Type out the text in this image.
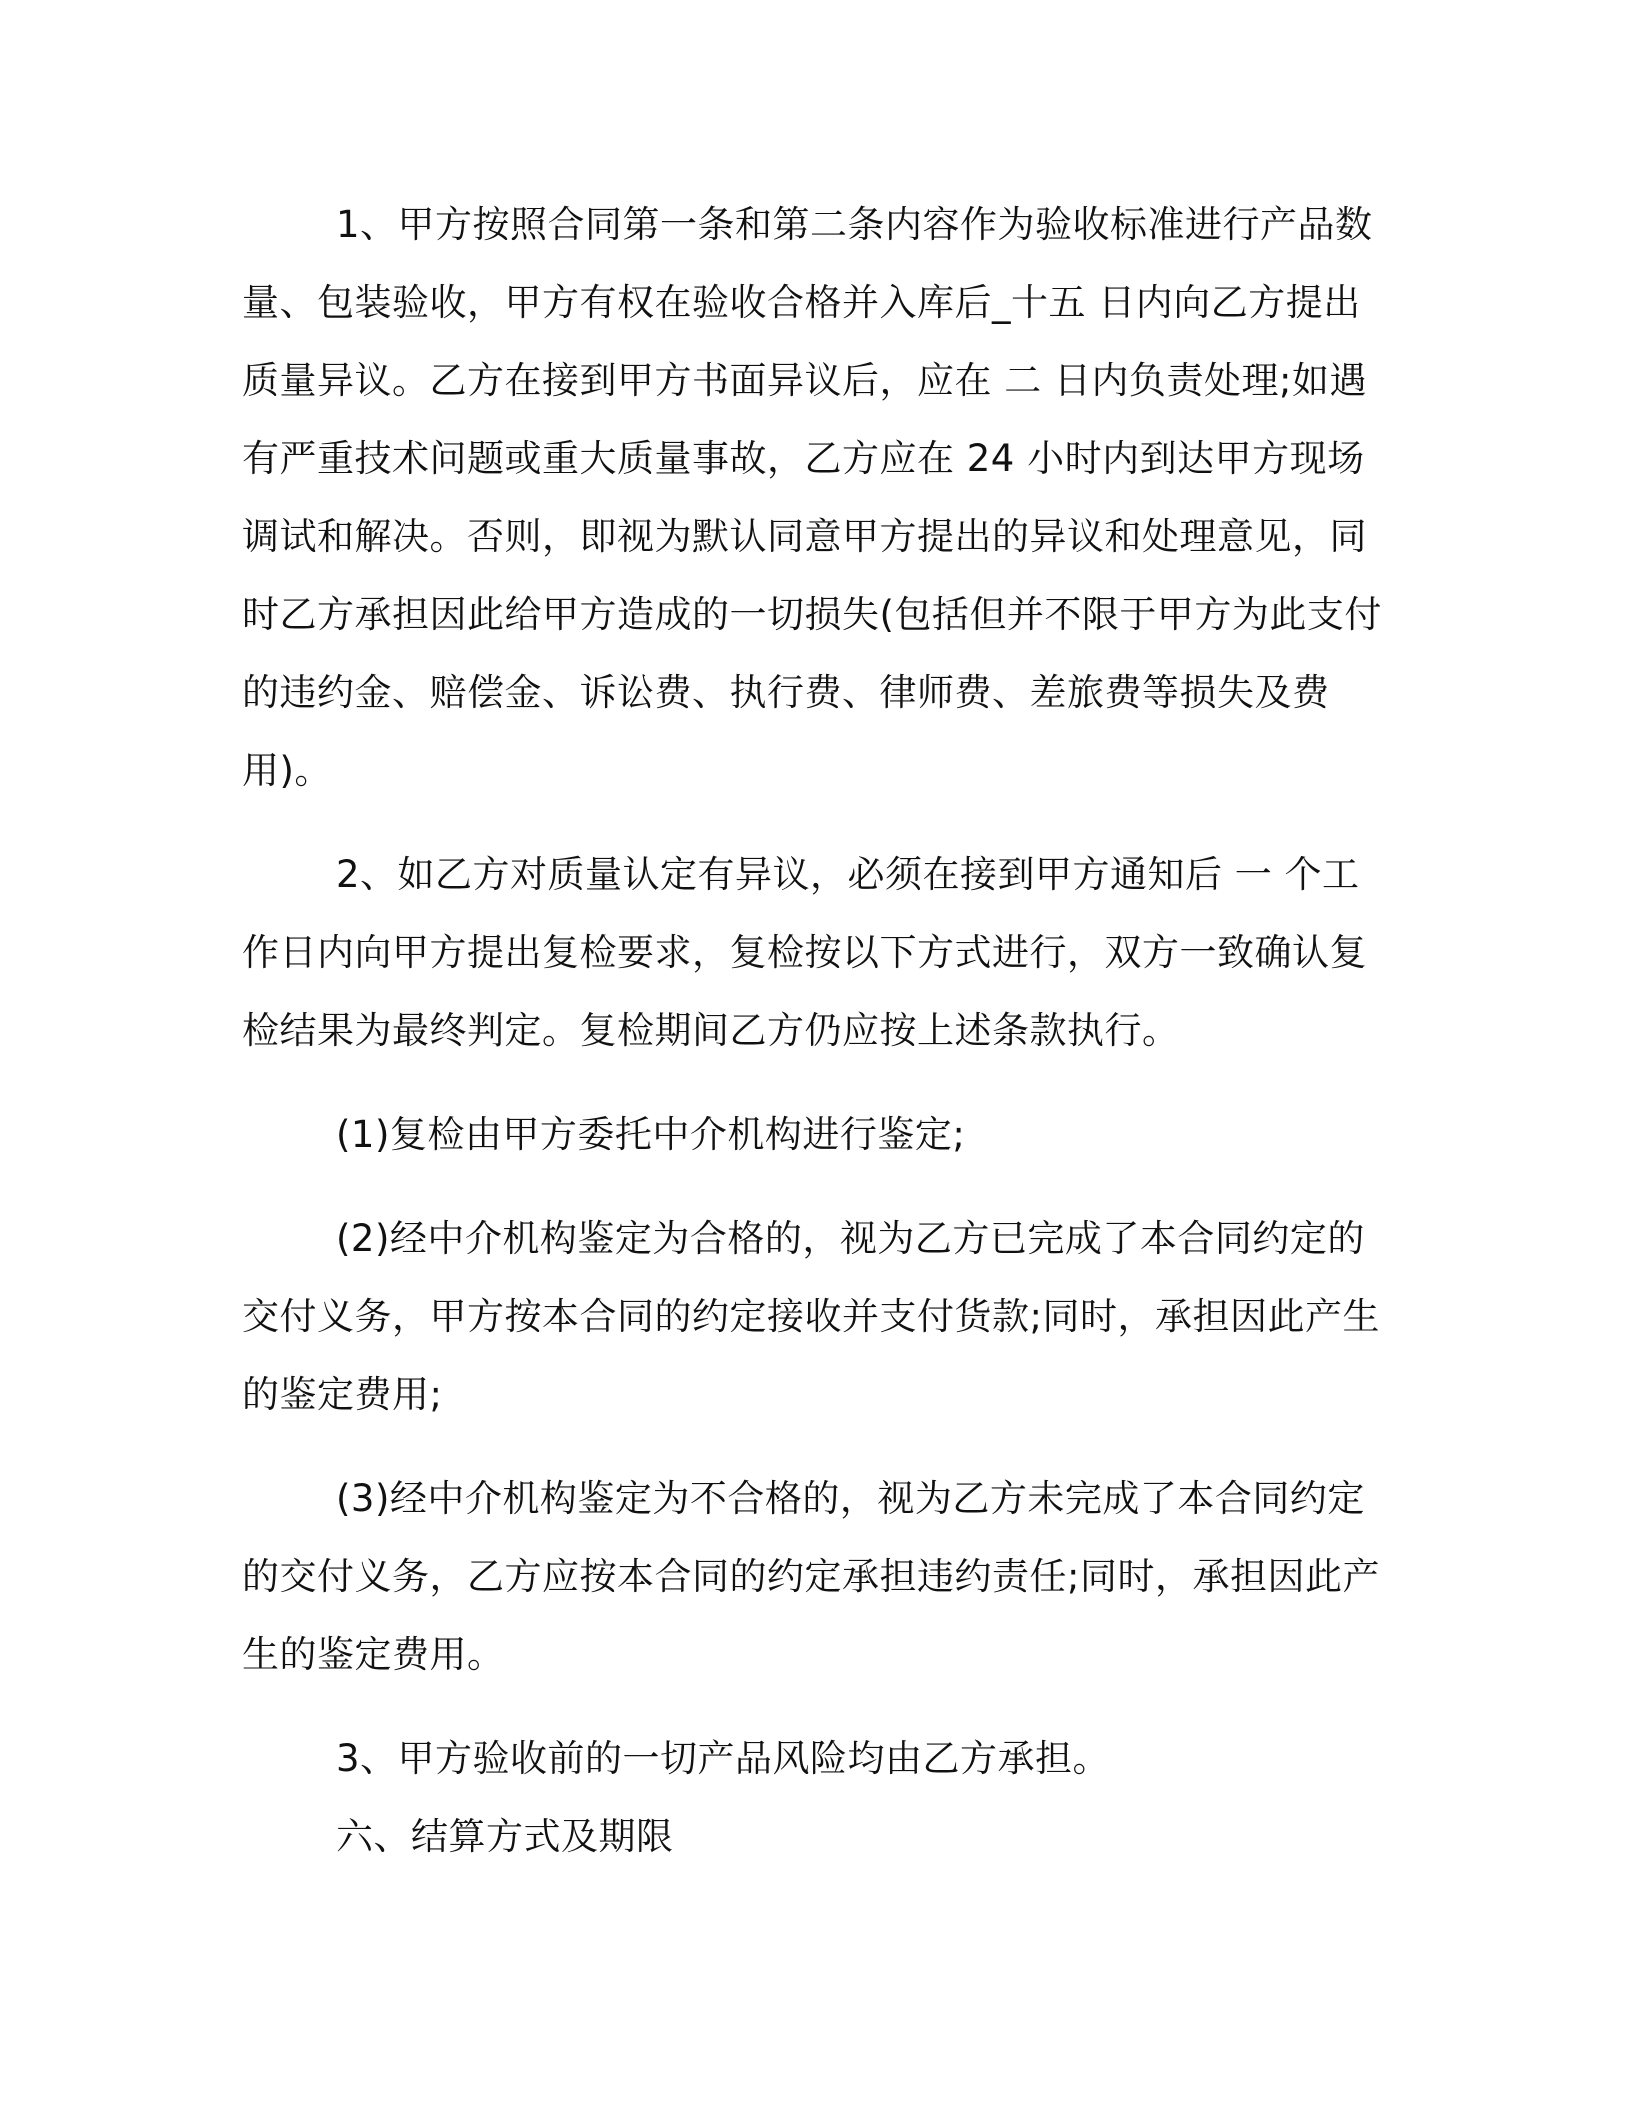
1、甲方按照合同第一条和第二条内容作为验收标准进行产品数量、包装验收，甲方有权在验收合格并入库后_十五 日内向乙方提出质量异议。乙方在接到甲方书面异议后，应在 二 日内负责处理;如遇有严重技术问题或重大质量事故，乙方应在 24 小时内到达甲方现场调试和解决。否则，即视为默认同意甲方提出的异议和处理意见，同时乙方承担因此给甲方造成的一切损失(包括但并不限于甲方为此支付的违约金、赔偿金、诉讼费、执行费、律师费、差旅费等损失及费用)。

2、如乙方对质量认定有异议，必须在接到甲方通知后 一 个工作日内向甲方提出复检要求，复检按以下方式进行，双方一致确认复检结果为最终判定。复检期间乙方仍应按上述条款执行。

(1)复检由甲方委托中介机构进行鉴定;

(2)经中介机构鉴定为合格的，视为乙方已完成了本合同约定的交付义务，甲方按本合同的约定接收并支付货款;同时，承担因此产生的鉴定费用;

(3)经中介机构鉴定为不合格的，视为乙方未完成了本合同约定的交付义务，乙方应按本合同的约定承担违约责任;同时，承担因此产生的鉴定费用。

3、甲方验收前的一切产品风险均由乙方承担。

六、结算方式及期限
